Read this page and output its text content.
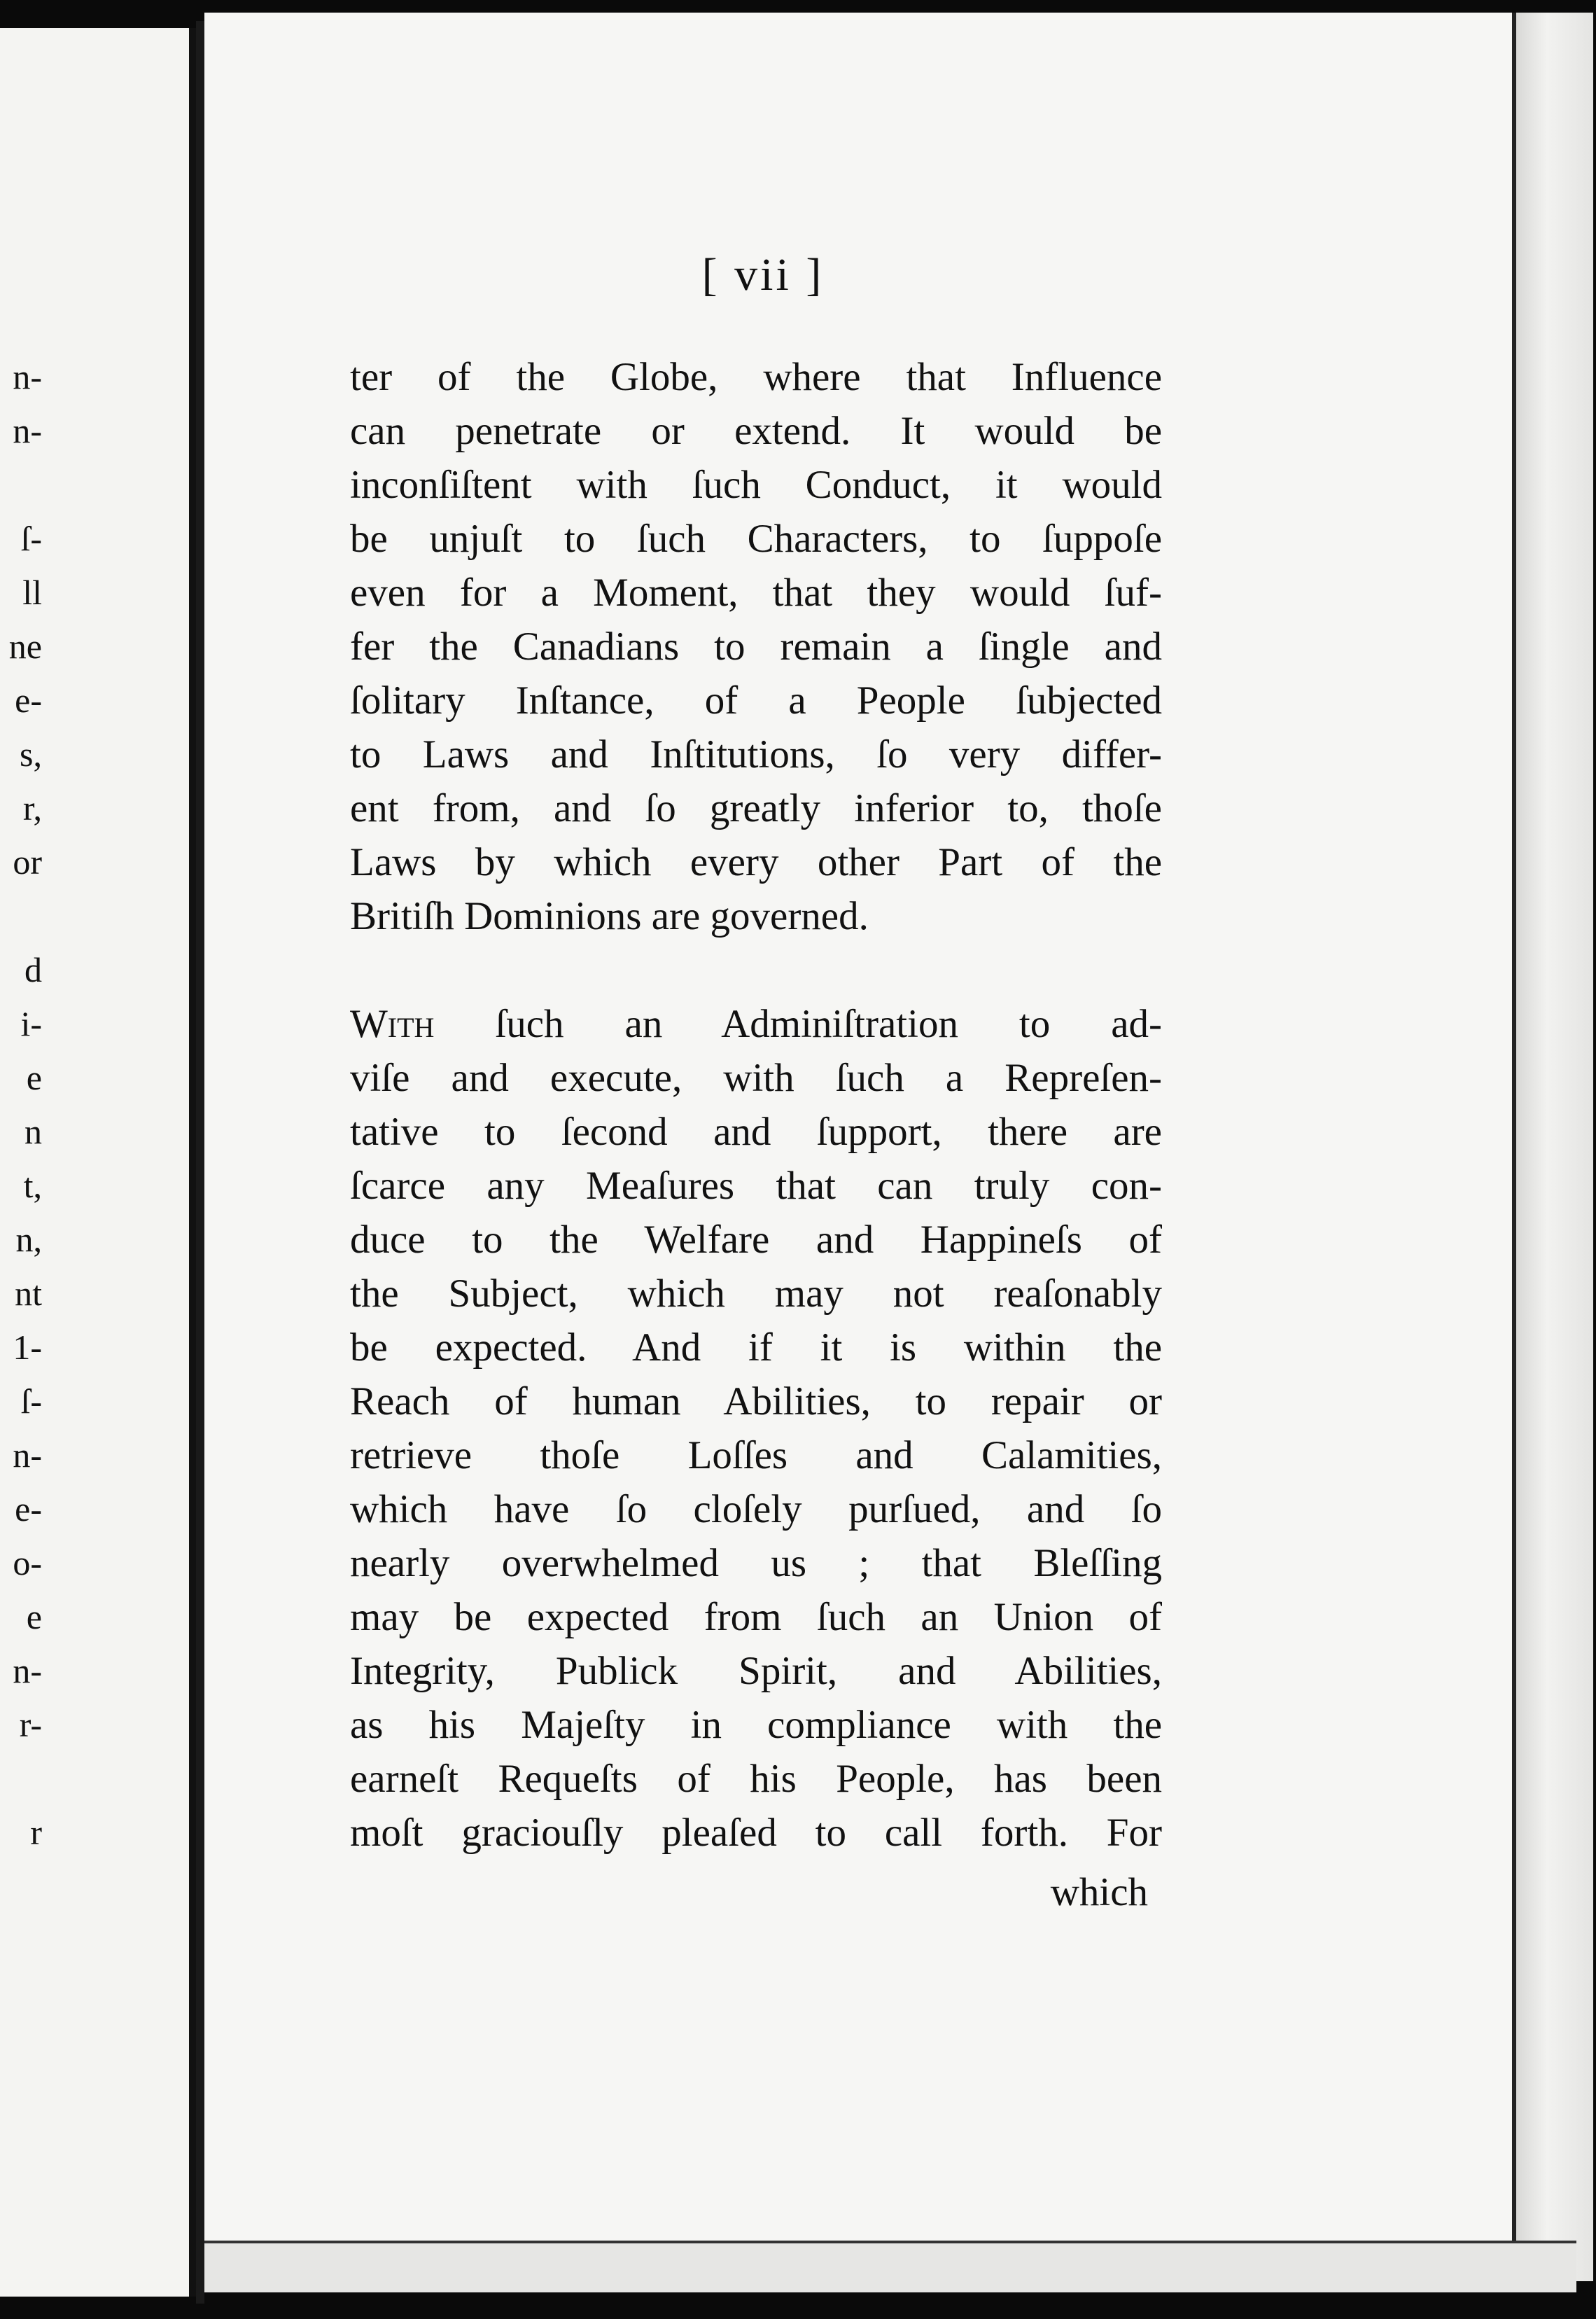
n-
n-
ſ-
ll
ne
e-
s,
r,
or
d
i-
e
n
t,
n,
nt
1-
ſ-
n-
e-
o-
e
n-
r-
r
[ vii ]
ter of the Globe, where that Influence
can penetrate or extend. It would be
inconſiſtent with ſuch Conduct, it would
be unjuſt to ſuch Characters, to ſuppoſe
even for a Moment, that they would ſuf-
fer the Canadians to remain a ſingle and
ſolitary Inſtance, of a People ſubjected
to Laws and Inſtitutions, ſo very differ-
ent from, and ſo greatly inferior to, thoſe
Laws by which every other Part of the
Britiſh Dominions are governed.
With ſuch an Adminiſtration to ad-
viſe and execute, with ſuch a Repreſen-
tative to ſecond and ſupport, there are
ſcarce any Meaſures that can truly con-
duce to the Welfare and Happineſs of
the Subject, which may not reaſonably
be expected. And if it is within the
Reach of human Abilities, to repair or
retrieve thoſe Loſſes and Calamities,
which have ſo cloſely purſued, and ſo
nearly overwhelmed us ; that Bleſſing
may be expected from ſuch an Union of
Integrity, Publick Spirit, and Abilities,
as his Majeſty in compliance with the
earneſt Requeſts of his People, has been
moſt graciouſly pleaſed to call forth. For
which
